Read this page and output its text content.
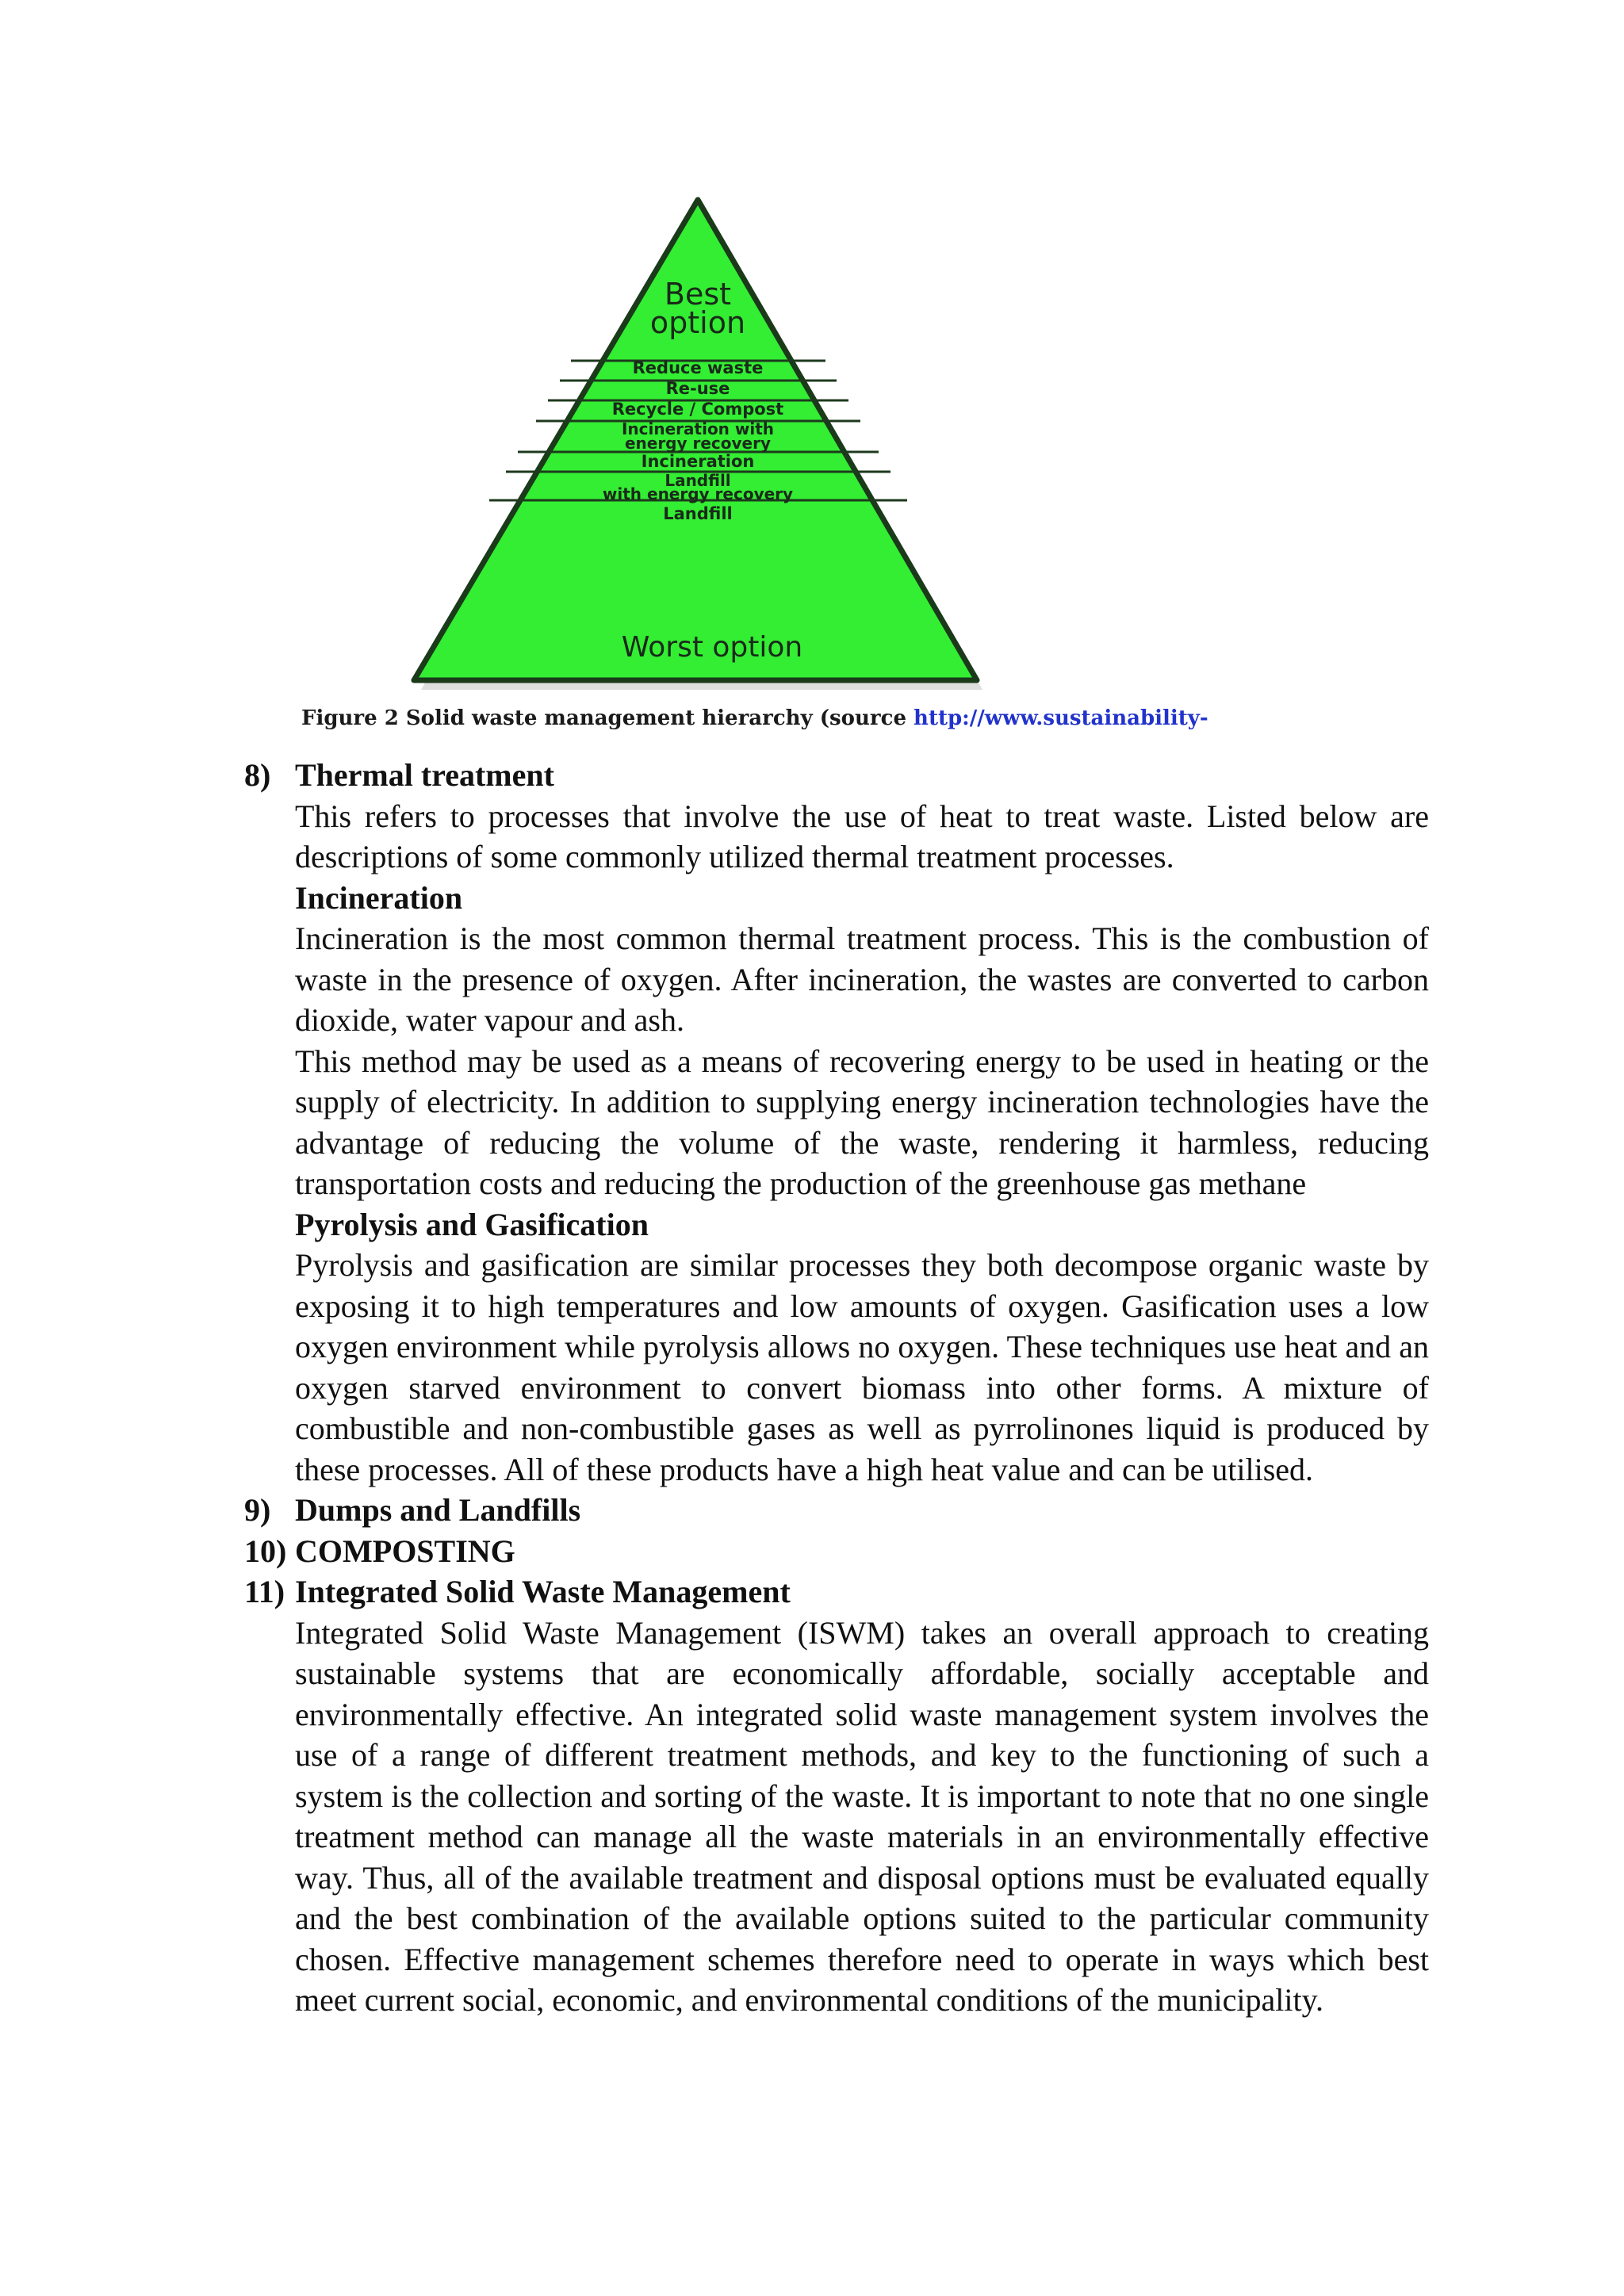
Best
option
Reduce waste
Re-use
Recycle / Compost
Incineration with
energy recovery
Incineration
Landfill
with energy recovery
Landfill
Worst option
Figure 2 Solid waste management hierarchy (source http://www.sustainability-
8) Thermal treatment

This refers to processes that involve the use of heat to treat waste. Listed below are descriptions of some commonly utilized thermal treatment processes.

Incineration

Incineration is the most common thermal treatment process. This is the combustion of waste in the presence of oxygen. After incineration, the wastes are converted to carbon dioxide, water vapour and ash.

This method may be used as a means of recovering energy to be used in heating or the supply of electricity. In addition to supplying energy incineration technologies have the advantage of reducing the volume of the waste, rendering it harmless, reducing transportation costs and reducing the production of the greenhouse gas methane

Pyrolysis and Gasification

Pyrolysis and gasification are similar processes they both decompose organic waste by exposing it to high temperatures and low amounts of oxygen. Gasification uses a low oxygen environment while pyrolysis allows no oxygen. These techniques use heat and an oxygen starved environment to convert biomass into other forms. A mixture of combustible and non-combustible gases as well as pyrrolinones liquid is produced by these processes. All of these products have a high heat value and can be utilised.

9) Dumps and Landfills
10) COMPOSTING
11) Integrated Solid Waste Management

Integrated Solid Waste Management (ISWM) takes an overall approach to creating sustainable systems that are economically affordable, socially acceptable and environmentally effective. An integrated solid waste management system involves the use of a range of different treatment methods, and key to the functioning of such a system is the collection and sorting of the waste. It is important to note that no one single treatment method can manage all the waste materials in an environmentally effective way. Thus, all of the available treatment and disposal options must be evaluated equally and the best combination of the available options suited to the particular community chosen. Effective management schemes therefore need to operate in ways which best meet current social, economic, and environmental conditions of the municipality.
